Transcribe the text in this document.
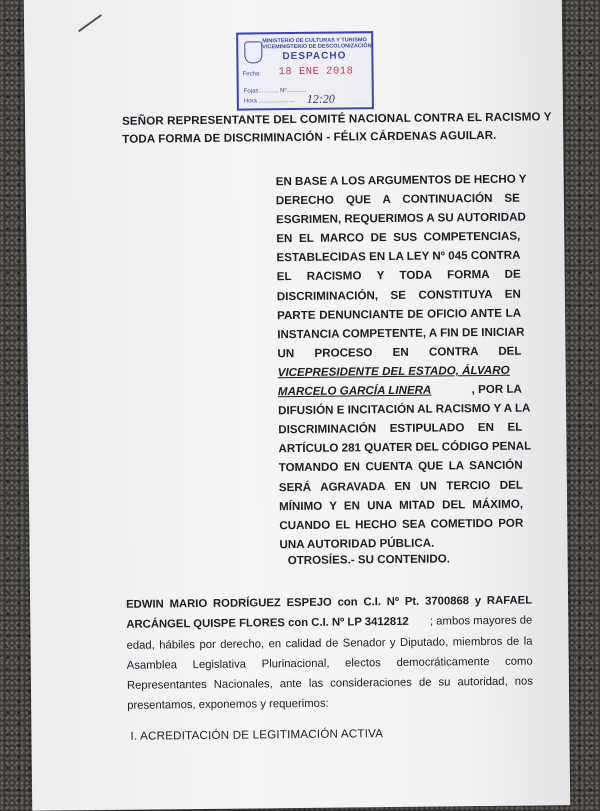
MINISTERIO DE CULTURAS Y TURISMO
VICEMINISTERIO DE DESCOLONIZACIÓN
DESPACHO
Fecha: 18 ENE 2018
Fojas............ Nº............
Hora ...................... 12:20
SEÑOR REPRESENTANTE DEL COMITÉ NACIONAL CONTRA EL RACISMO Y
TODA FORMA DE DISCRIMINACIÓN - FÉLIX CÁRDENAS AGUILAR.
EN BASE A LOS ARGUMENTOS DE HECHO Y
DERECHO QUE A CONTINUACIÓN SE
ESGRIMEN, REQUERIMOS A SU AUTORIDAD
EN EL MARCO DE SUS COMPETENCIAS,
ESTABLECIDAS EN LA LEY Nº 045 CONTRA
EL RACISMO Y TODA FORMA DE
DISCRIMINACIÓN, SE CONSTITUYA EN
PARTE DENUNCIANTE DE OFICIO ANTE LA
INSTANCIA COMPETENTE, A FIN DE INICIAR
UN PROCESO EN CONTRA DEL
VICEPRESIDENTE DEL ESTADO, ÁLVARO
MARCELO GARCÍA LINERA	, POR LA
DIFUSIÓN E INCITACIÓN AL RACISMO Y A LA
DISCRIMINACIÓN ESTIPULADO EN EL
ARTÍCULO 281 QUATER DEL CÓDIGO PENAL
TOMANDO EN CUENTA QUE LA SANCIÓN
SERÁ AGRAVADA EN UN TERCIO DEL
MÍNIMO Y EN UNA MITAD DEL MÁXIMO,
CUANDO EL HECHO SEA COMETIDO POR
UNA AUTORIDAD PÚBLICA.
OTROSÍES.- SU CONTENIDO.
EDWIN MARIO RODRÍGUEZ ESPEJO con C.I. Nº Pt. 3700868 y RAFAEL
ARCÁNGEL QUISPE FLORES con C.I. Nº LP 3412812 ; ambos mayores de
edad, hábiles por derecho, en calidad de Senador y Diputado, miembros de la
Asamblea Legislativa Plurinacional, electos democráticamente como
Representantes Nacionales, ante las consideraciones de su autoridad, nos
presentamos, exponemos y requerimos:
I. ACREDITACIÓN DE LEGITIMACIÓN ACTIVA
